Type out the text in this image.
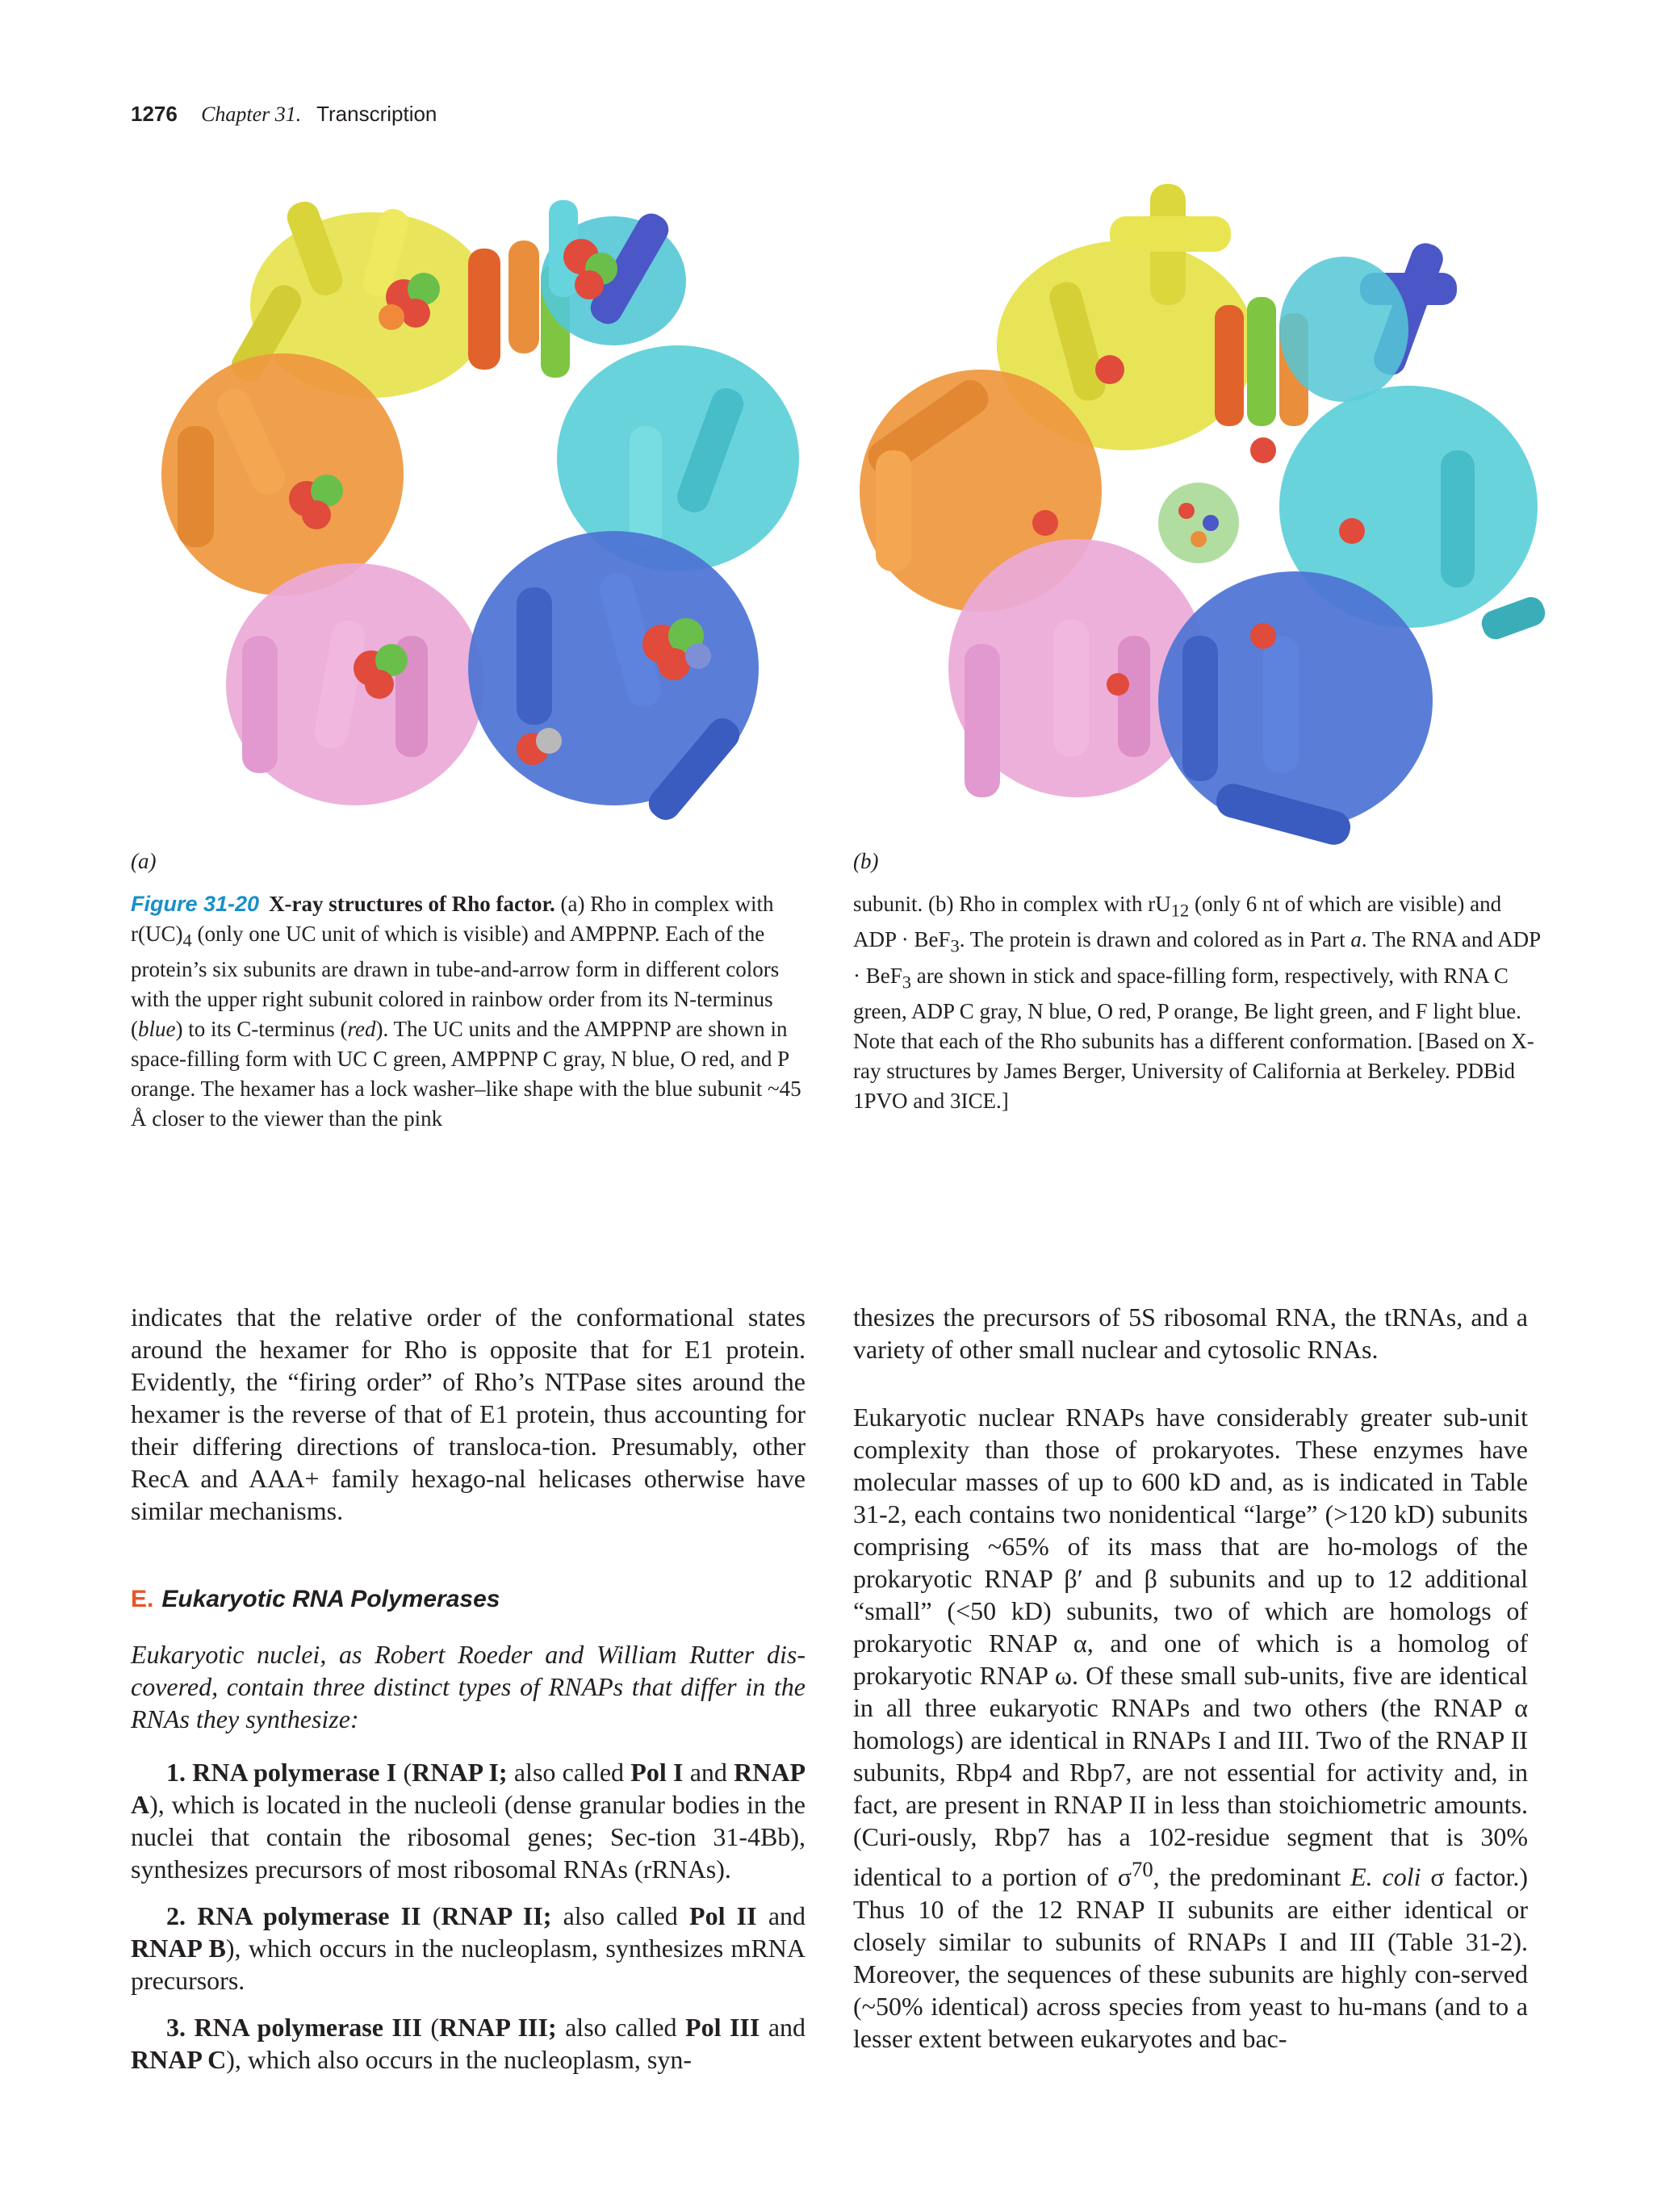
1276 Chapter 31. Transcription
(a)	(b)
Figure 31-20 X-ray structures of Rho factor. (a) Rho in complex with $r(UC)_4$ (only one UC unit of which is visible) and AMPPNP. Each of the protein’s six subunits are drawn in tube-and-arrow form in different colors with the upper right subunit colored in rainbow order from its N-terminus (blue) to its C-terminus (red). The UC units and the AMPPNP are shown in space-filling form with UC C green, AMPPNP C gray, N blue, O red, and P orange. The hexamer has a lock washer–like shape with the blue subunit ~45 Å closer to the viewer than the pink
subunit. (b) Rho in complex with $rU_{12}$ (only 6 nt of which are visible) and ADP · BeF$_3$. The protein is drawn and colored as in Part a. The RNA and ADP · BeF$_3$ are shown in stick and space-filling form, respectively, with RNA C green, ADP C gray, N blue, O red, P orange, Be light green, and F light blue. Note that each of the Rho subunits has a different conformation. [Based on X-ray structures by James Berger, University of California at Berkeley. PDBid 1PVO and 3ICE.]

indicates that the relative order of the conformational states around the hexamer for Rho is opposite that for E1 protein. Evidently, the “firing order” of Rho’s NTPase sites around the hexamer is the reverse of that of E1 protein, thus accounting for their differing directions of transloca-tion. Presumably, other RecA and AAA+ family hexago-nal helicases otherwise have similar mechanisms.

E. Eukaryotic RNA Polymerases

Eukaryotic nuclei, as Robert Roeder and William Rutter dis-covered, contain three distinct types of RNAPs that differ in the RNAs they synthesize:

1. RNA polymerase I (RNAP I; also called Pol I and RNAP A), which is located in the nucleoli (dense granular bodies in the nuclei that contain the ribosomal genes; Sec-tion 31-4Bb), synthesizes precursors of most ribosomal RNAs (rRNAs).

2. RNA polymerase II (RNAP II; also called Pol II and RNAP B), which occurs in the nucleoplasm, synthesizes mRNA precursors.

3. RNA polymerase III (RNAP III; also called Pol III and RNAP C), which also occurs in the nucleoplasm, syn-

thesizes the precursors of 5S ribosomal RNA, the tRNAs, and a variety of other small nuclear and cytosolic RNAs.

Eukaryotic nuclear RNAPs have considerably greater sub-unit complexity than those of prokaryotes. These enzymes have molecular masses of up to 600 kD and, as is indicated in Table 31-2, each contains two nonidentical “large” (>120 kD) subunits comprising ~65% of its mass that are ho-mologs of the prokaryotic RNAP β′ and β subunits and up to 12 additional “small” (<50 kD) subunits, two of which are homologs of prokaryotic RNAP α, and one of which is a homolog of prokaryotic RNAP ω. Of these small sub-units, five are identical in all three eukaryotic RNAPs and two others (the RNAP α homologs) are identical in RNAPs I and III. Two of the RNAP II subunits, Rbp4 and Rbp7, are not essential for activity and, in fact, are present in RNAP II in less than stoichiometric amounts. (Curi-ously, Rbp7 has a 102-residue segment that is 30% identical to a portion of $\sigma^{70}$, the predominant E. coli σ factor.) Thus 10 of the 12 RNAP II subunits are either identical or closely similar to subunits of RNAPs I and III (Table 31-2). Moreover, the sequences of these subunits are highly con-served (~50% identical) across species from yeast to hu-mans (and to a lesser extent between eukaryotes and bac-
